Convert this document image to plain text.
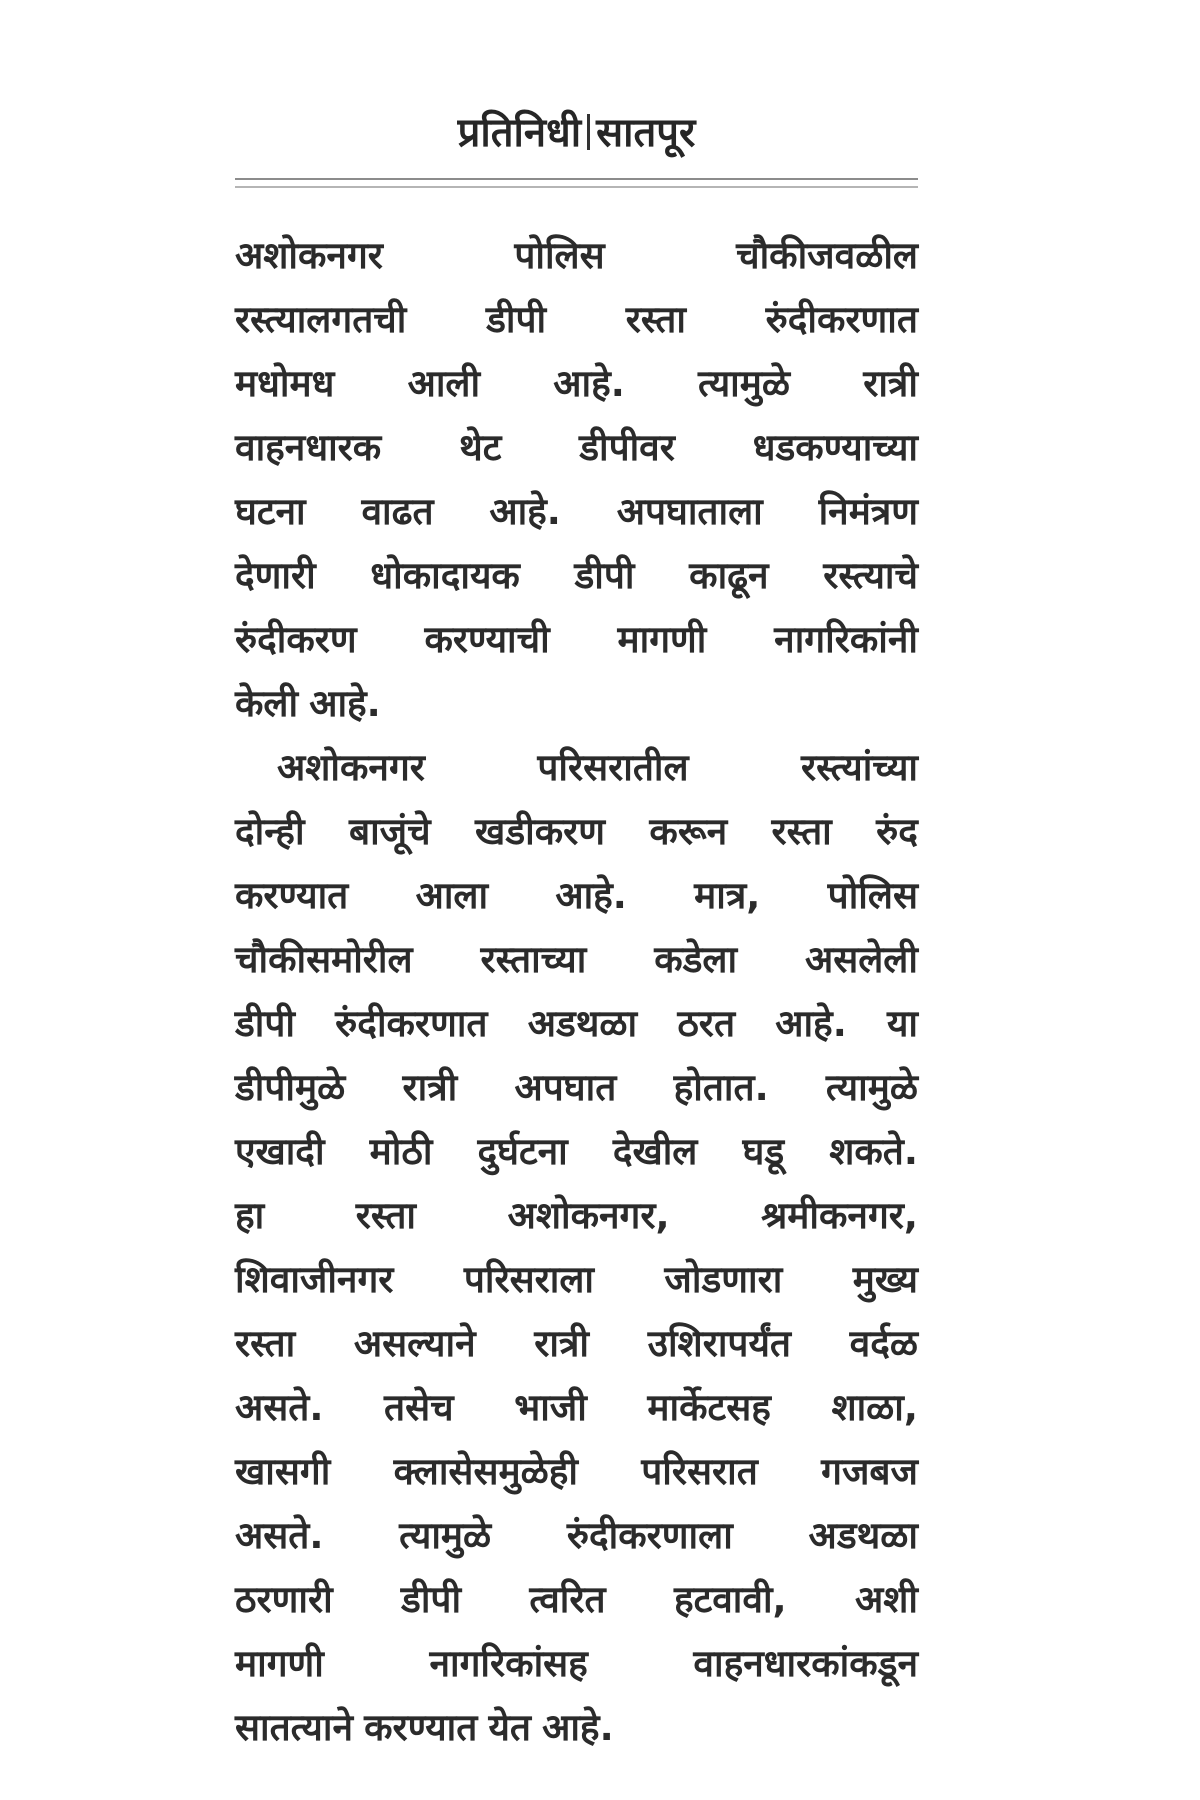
प्रतिनिधी सातपूर
अशोकनगर	पोलिस	चौकीजवळील
रस्त्यालगतची डीपी रस्ता रुंदीकरणात
मधोमध आली आहे. त्यामुळे रात्री
वाहनधारक थेट डीपीवर धडकण्याच्या
घटना वाढत आहे. अपघाताला निमंत्रण
देणारी धोकादायक डीपी काढून रस्त्याचे
रुंदीकरण करण्याची मागणी नागरिकांनी
केली आहे.
अशोकनगर	परिसरातील	रस्त्यांच्या
दोन्ही बाजूंचे खडीकरण करून रस्ता रुंद
करण्यात आला आहे. मात्र, पोलिस
चौकीसमोरील रस्ताच्या कडेला असलेली
डीपी रुंदीकरणात अडथळा ठरत आहे. या
डीपीमुळे रात्री अपघात होतात. त्यामुळे
एखादी मोठी दुर्घटना देखील घडू शकते.
हा रस्ता अशोकनगर, श्रमीकनगर,
शिवाजीनगर परिसराला जोडणारा मुख्य
रस्ता असल्याने रात्री उशिरापर्यंत वर्दळ
असते. तसेच भाजी मार्केटसह शाळा,
खासगी क्लासेसमुळेही परिसरात गजबज
असते. त्यामुळे रुंदीकरणाला अडथळा
ठरणारी डीपी त्वरित हटवावी, अशी
मागणी	नागरिकांसह	वाहनधारकांकडून
सातत्याने करण्यात येत आहे.
